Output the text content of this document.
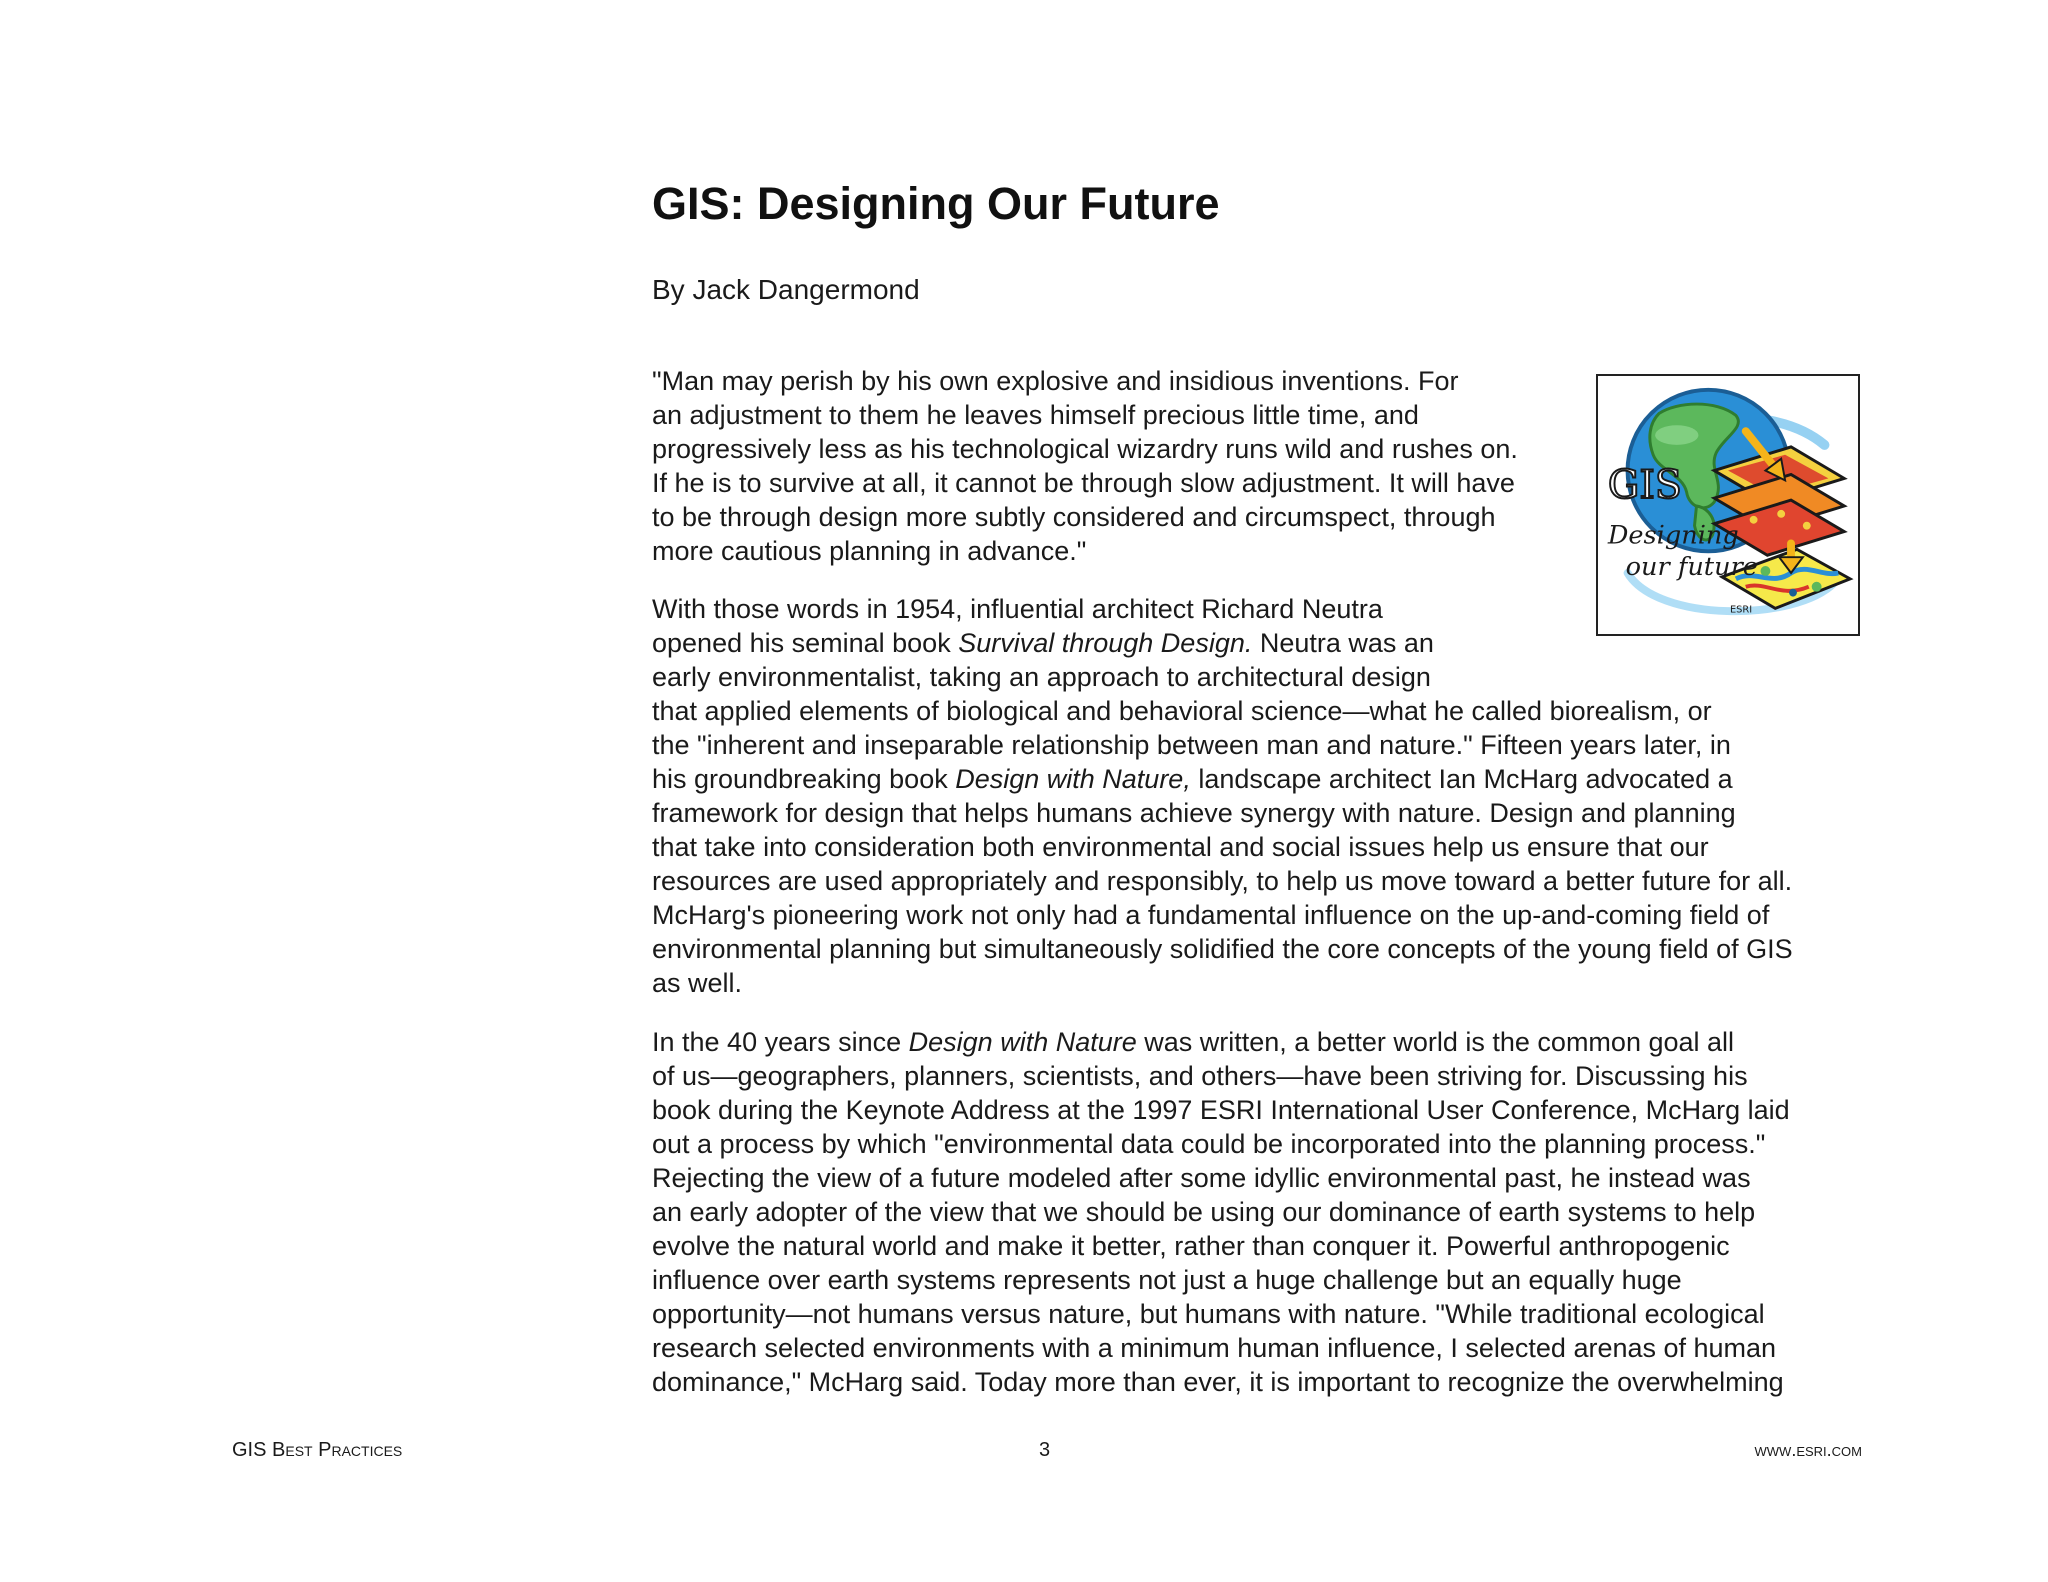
GIS: Designing Our Future
By Jack Dangermond
"Man may perish by his own explosive and insidious inventions. For
an adjustment to them he leaves himself precious little time, and
progressively less as his technological wizardry runs wild and rushes on.
If he is to survive at all, it cannot be through slow adjustment. It will have
to be through design more subtly considered and circumspect, through
more cautious planning in advance."
With those words in 1954, influential architect Richard Neutra
opened his seminal book Survival through Design. Neutra was an
early environmentalist, taking an approach to architectural design
that applied elements of biological and behavioral science—what he called biorealism, or
the "inherent and inseparable relationship between man and nature." Fifteen years later, in
his groundbreaking book Design with Nature, landscape architect Ian McHarg advocated a
framework for design that helps humans achieve synergy with nature. Design and planning
that take into consideration both environmental and social issues help us ensure that our
resources are used appropriately and responsibly, to help us move toward a better future for all.
McHarg's pioneering work not only had a fundamental influence on the up-and-coming field of
environmental planning but simultaneously solidified the core concepts of the young field of GIS
as well.
In the 40 years since Design with Nature was written, a better world is the common goal all
of us—geographers, planners, scientists, and others—have been striving for. Discussing his
book during the Keynote Address at the 1997 ESRI International User Conference, McHarg laid
out a process by which "environmental data could be incorporated into the planning process."
Rejecting the view of a future modeled after some idyllic environmental past, he instead was
an early adopter of the view that we should be using our dominance of earth systems to help
evolve the natural world and make it better, rather than conquer it. Powerful anthropogenic
influence over earth systems represents not just a huge challenge but an equally huge
opportunity—not humans versus nature, but humans with nature. "While traditional ecological
research selected environments with a minimum human influence, I selected arenas of human
dominance," McHarg said. Today more than ever, it is important to recognize the overwhelming
GIS
Designing
our future
ESRI
GIS Best Practices	3	www.esri.com
